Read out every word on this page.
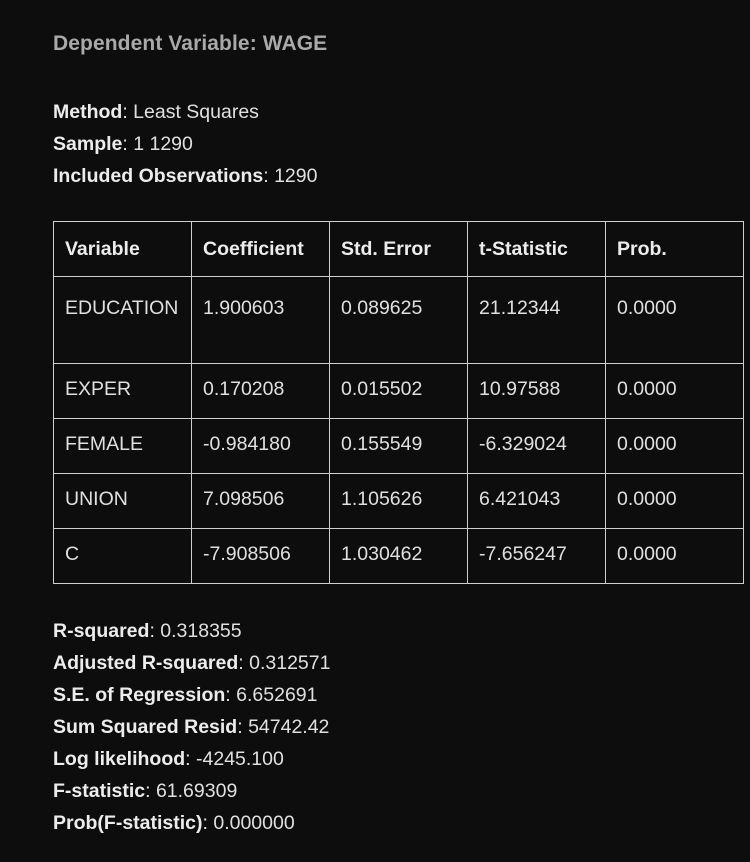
Dependent Variable: WAGE
Method: Least Squares
Sample: 1 1290
Included Observations: 1290
Variable	Coefficient	Std. Error	t-Statistic	Prob.
EDUCATION	1.900603	0.089625	21.12344	0.0000
EXPER	0.170208	0.015502	10.97588	0.0000
FEMALE	-0.984180	0.155549	-6.329024	0.0000
UNION	7.098506	1.105626	6.421043	0.0000
C	-7.908506	1.030462	-7.656247	0.0000
R-squared: 0.318355
Adjusted R-squared: 0.312571
S.E. of Regression: 6.652691
Sum Squared Resid: 54742.42
Log likelihood: -4245.100
F-statistic: 61.69309
Prob(F-statistic): 0.000000
